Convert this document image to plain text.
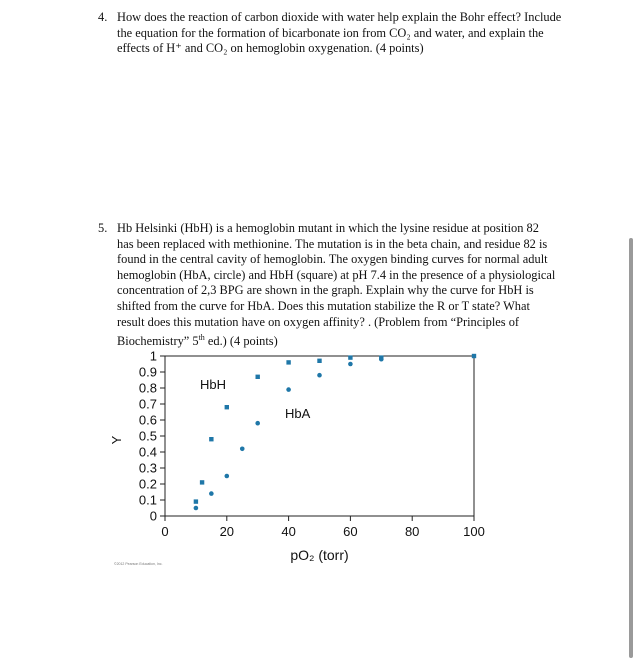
4. How does the reaction of carbon dioxide with water help explain the Bohr effect? Include
the equation for the formation of bicarbonate ion from CO₂ and water, and explain the
effects of H⁺ and CO₂ on hemoglobin oxygenation. (4 points)
5. Hb Helsinki (HbH) is a hemoglobin mutant in which the lysine residue at position 82
has been replaced with methionine. The mutation is in the beta chain, and residue 82 is
found in the central cavity of hemoglobin. The oxygen binding curves for normal adult
hemoglobin (HbA, circle) and HbH (square) at pH 7.4 in the presence of a physiological
concentration of 2,3 BPG are shown in the graph. Explain why the curve for HbH is
shifted from the curve for HbA. Does this mutation stabilize the R or T state? What
result does this mutation have on oxygen affinity? . (Problem from “Principles of
Biochemistry” 5th ed.) (4 points)
0
0.1
0.2
0.3
0.4
0.5
0.6
0.7
0.8
0.9
1
0	20	40	60	80	100
Y
pO₂ (torr)
HbH
HbA
©2012 Pearson Education, Inc.
